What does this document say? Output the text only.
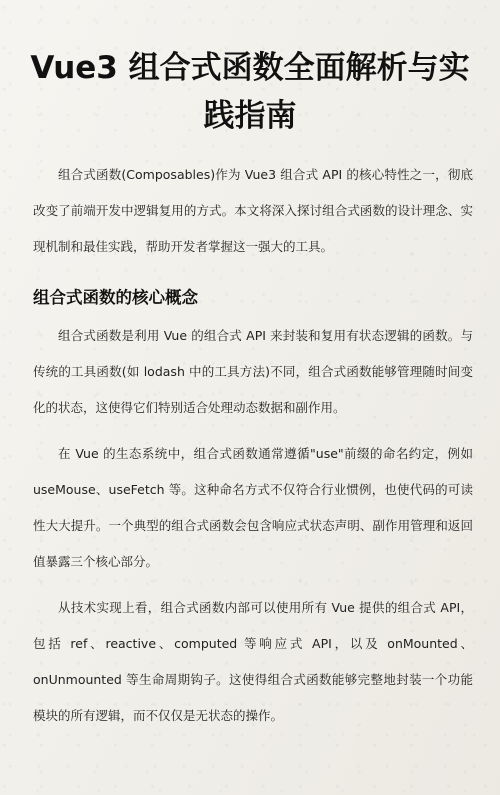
Vue3 组合式函数全面解析与实践指南

组合式函数(Composables)作为 Vue3 组合式 API 的核心特性之一，彻底改变了前端开发中逻辑复用的方式。本文将深入探讨组合式函数的设计理念、实现机制和最佳实践，帮助开发者掌握这一强大的工具。

组合式函数的核心概念

组合式函数是利用 Vue 的组合式 API 来封装和复用有状态逻辑的函数。与传统的工具函数(如 lodash 中的工具方法)不同，组合式函数能够管理随时间变化的状态，这使得它们特别适合处理动态数据和副作用。

在 Vue 的生态系统中，组合式函数通常遵循"use"前缀的命名约定，例如 useMouse、useFetch 等。这种命名方式不仅符合行业惯例，也使代码的可读性大大提升。一个典型的组合式函数会包含响应式状态声明、副作用管理和返回值暴露三个核心部分。

从技术实现上看，组合式函数内部可以使用所有 Vue 提供的组合式 API，包括 ref、reactive、computed 等响应式 API，以及 onMounted、onUnmounted 等生命周期钩子。这使得组合式函数能够完整地封装一个功能模块的所有逻辑，而不仅仅是无状态的操作。
